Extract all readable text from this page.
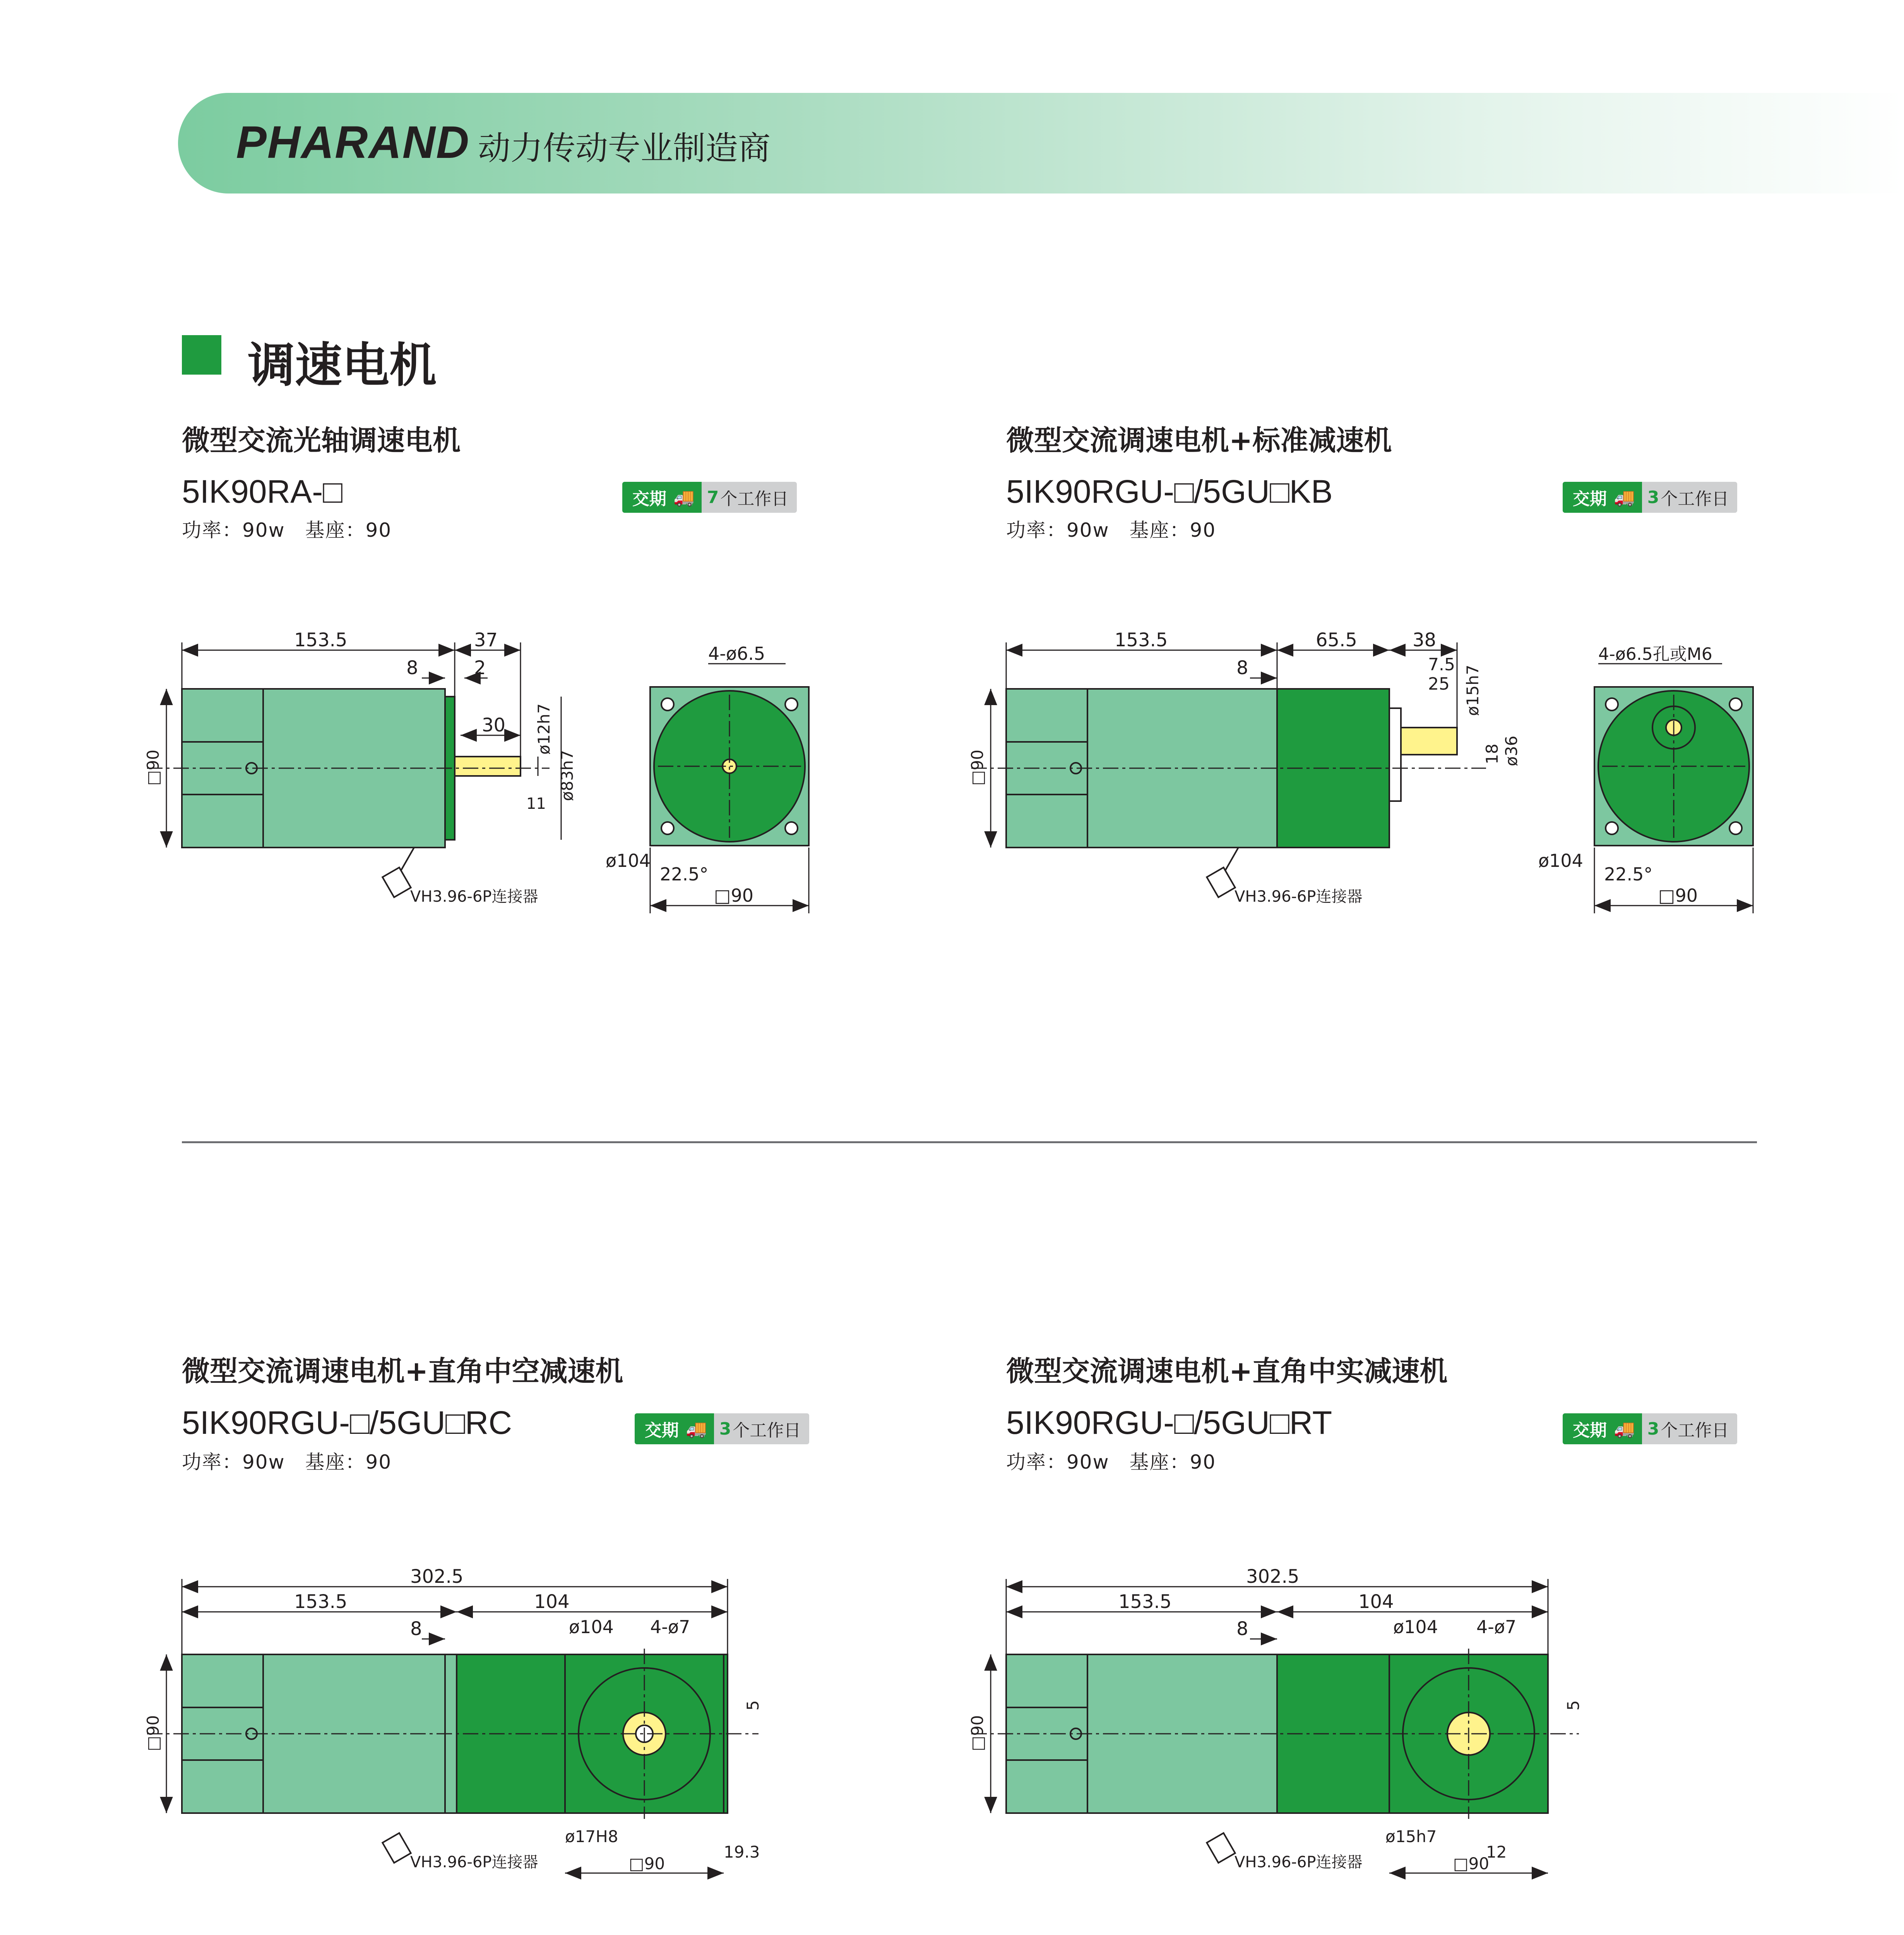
PHARAND 动力传动专业制造商
调速电机
微型交流光轴调速电机
5IK90RA-□
功率：90w　基座：90
交期 🚚 7 个工作日
微型交流调速电机+标准减速机
5IK90RGU-□/5GU□KB
功率：90w　基座：90
交期 🚚 3 个工作日
微型交流调速电机+直角中空减速机
5IK90RGU-□/5GU□RC
功率：90w　基座：90
交期 🚚 3 个工作日
微型交流调速电机+直角中实减速机
5IK90RGU-□/5GU□RT
功率：90w　基座：90
交期 🚚 3 个工作日
153.5	37
8	2
30
11
ø12h7
ø83h7
□90
VH3.96-6P连接器
4-ø6.5
ø104
22.5°
□90
153.5	65.5	38
8	7.5
25 ø15h7
ø36
18
□90
VH3.96-6P连接器
4-ø6.5孔或M6
ø104
22.5°
□90
302.5
153.5	104
8	ø104 4-ø7
□90
5
ø17H8
19.3
□90
VH3.96-6P连接器
302.5
153.5	104
8	ø104 4-ø7
□90
5
ø15h7
12
□90
VH3.96-6P连接器
